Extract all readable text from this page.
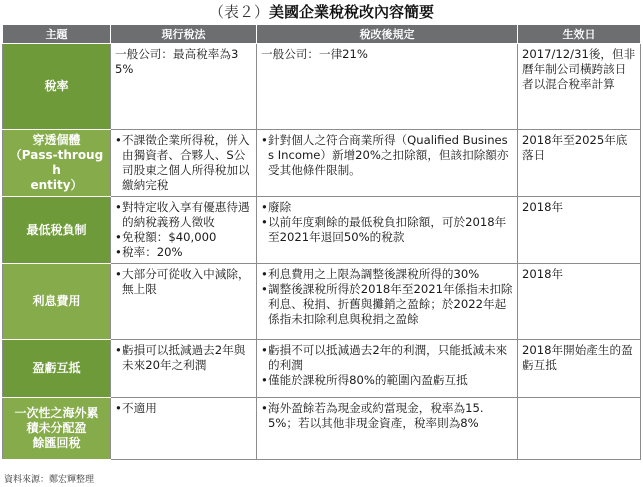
（表２）美國企業稅稅改內容簡要
主題	現行稅法	稅改後規定	生效日

稅率	一般公司：最高稅率為35%	一般公司：一律21%	2017/12/31後，但非曆年制公司橫跨該日者以混合稅率計算

穿透個體
（Pass-through
entity）	• 不課徵企業所得稅，併入由獨資者、合夥人、S公司股東之個人所得稅加以繳納完稅	• 針對個人之符合商業所得（Qualified Business Income）新增20%之扣除額，但該扣除額亦受其他條件限制。	2018年至2025年底落日

最低稅負制	• 對特定收入享有優惠待遇的納稅義務人徵收
• 免稅額：$40,000
• 稅率：20%	• 廢除
• 以前年度剩餘的最低稅負扣除額，可於2018年至2021年退回50%的稅款	2018年

利息費用	• 大部分可從收入中減除，無上限	• 利息費用之上限為調整後課稅所得的30%
• 調整後課稅所得於2018年至2021年係指未扣除利息、稅捐、折舊與攤銷之盈餘；於2022年起係指未扣除利息與稅捐之盈餘	2018年

盈虧互抵	• 虧損可以抵減過去2年與未來20年之利潤	• 虧損不可以抵減過去2年的利潤，只能抵減未來的利潤
• 僅能於課稅所得80%的範圍內盈虧互抵	2018年開始產生的盈虧互抵

一次性之海外累
積未分配盈
餘匯回稅	• 不適用	• 海外盈餘若為現金或約當現金，稅率為15.5%；若以其他非現金資產，稅率則為8%

資料來源：鄭宏輝整理
